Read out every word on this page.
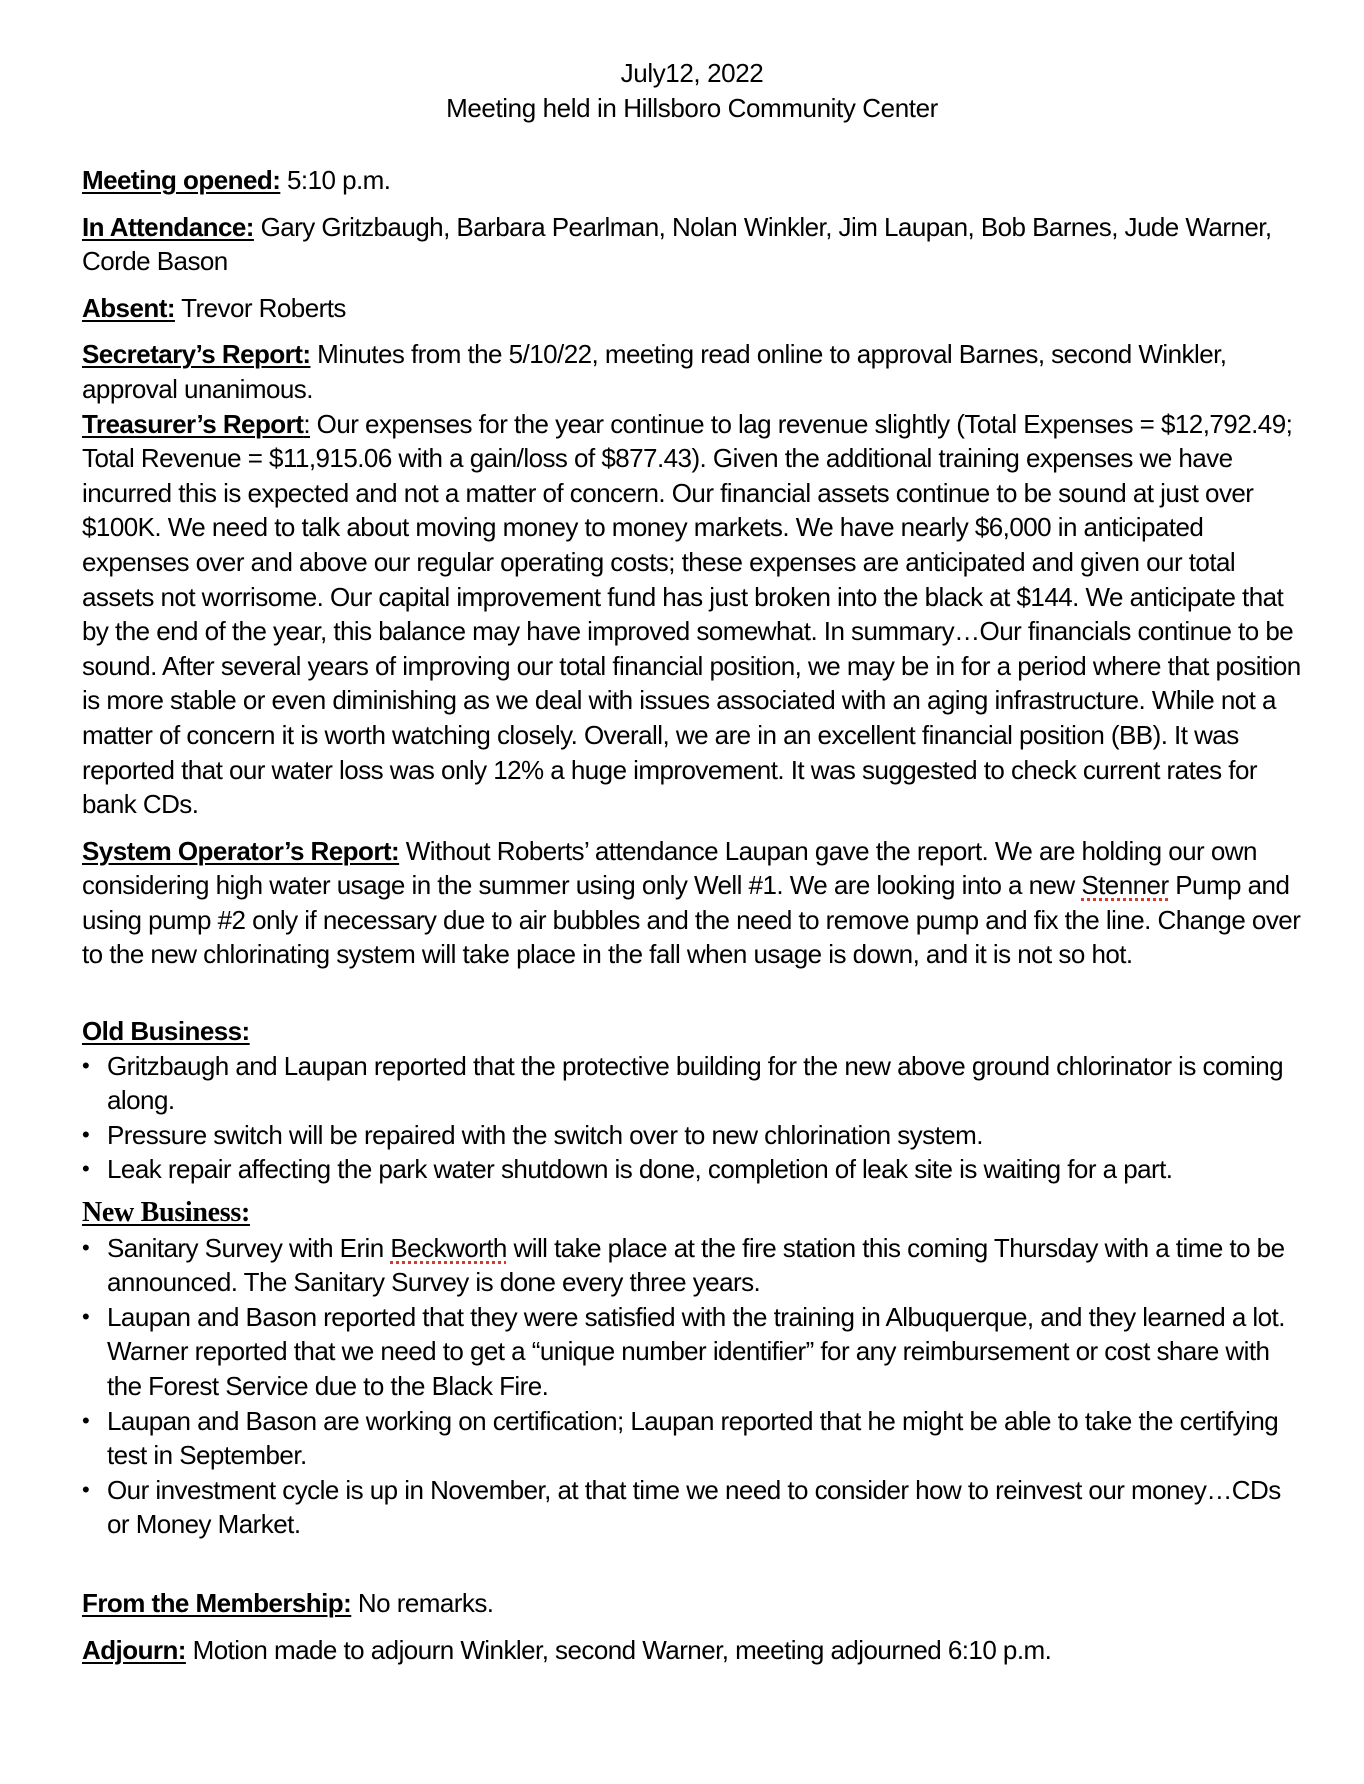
July12, 2022
Meeting held in Hillsboro Community Center

Meeting opened: 5:10 p.m.

In Attendance: Gary Gritzbaugh, Barbara Pearlman, Nolan Winkler, Jim Laupan, Bob Barnes, Jude Warner, Corde Bason

Absent: Trevor Roberts

Secretary’s Report: Minutes from the 5/10/22, meeting read online to approval Barnes, second Winkler, approval unanimous.

Treasurer’s Report: Our expenses for the year continue to lag revenue slightly (Total Expenses = $12,792.49; Total Revenue = $11,915.06 with a gain/loss of $877.43). Given the additional training expenses we have incurred this is expected and not a matter of concern. Our financial assets continue to be sound at just over $100K. We need to talk about moving money to money markets. We have nearly $6,000 in anticipated expenses over and above our regular operating costs; these expenses are anticipated and given our total assets not worrisome. Our capital improvement fund has just broken into the black at $144. We anticipate that by the end of the year, this balance may have improved somewhat. In summary…Our financials continue to be sound. After several years of improving our total financial position, we may be in for a period where that position is more stable or even diminishing as we deal with issues associated with an aging infrastructure. While not a matter of concern it is worth watching closely. Overall, we are in an excellent financial position (BB). It was reported that our water loss was only 12% a huge improvement. It was suggested to check current rates for bank CDs.

System Operator’s Report: Without Roberts’ attendance Laupan gave the report. We are holding our own considering high water usage in the summer using only Well #1. We are looking into a new Stenner Pump and using pump #2 only if necessary due to air bubbles and the need to remove pump and fix the line. Change over to the new chlorinating system will take place in the fall when usage is down, and it is not so hot.

Old Business:

• Gritzbaugh and Laupan reported that the protective building for the new above ground chlorinator is coming along.
• Pressure switch will be repaired with the switch over to new chlorination system.
• Leak repair affecting the park water shutdown is done, completion of leak site is waiting for a part.

New Business:

• Sanitary Survey with Erin Beckworth will take place at the fire station this coming Thursday with a time to be announced. The Sanitary Survey is done every three years.
• Laupan and Bason reported that they were satisfied with the training in Albuquerque, and they learned a lot. Warner reported that we need to get a “unique number identifier” for any reimbursement or cost share with the Forest Service due to the Black Fire.
• Laupan and Bason are working on certification; Laupan reported that he might be able to take the certifying test in September.
• Our investment cycle is up in November, at that time we need to consider how to reinvest our money…CDs or Money Market.

From the Membership: No remarks.

Adjourn: Motion made to adjourn Winkler, second Warner, meeting adjourned 6:10 p.m.
